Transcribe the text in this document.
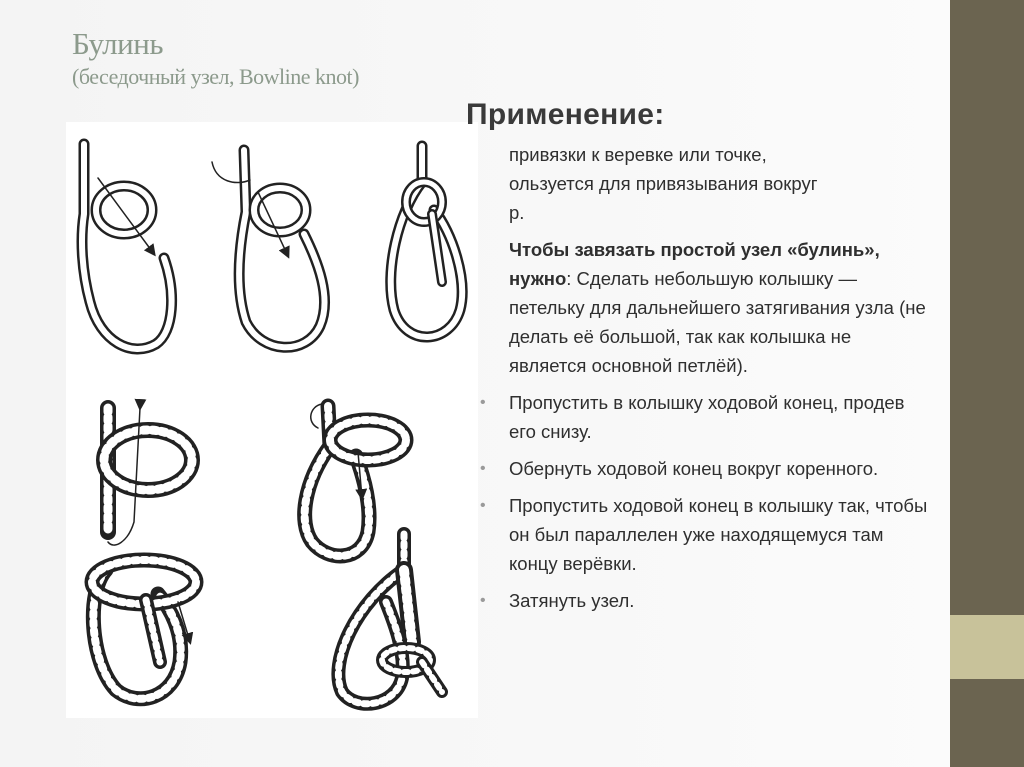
Булинь
(беседочный узел, Bowline knot)
Применение:

привязки к веревке или точке,
ользуется для привязывания вокруг
р.

Чтобы завязать простой узел «булинь», нужно: Сделать небольшую колышку — петельку для дальнейшего затягивания узла (не делать её большой, так как колышка не является основной петлёй).

• Пропустить в колышку ходовой конец, продев его снизу.
• Обернуть ходовой конец вокруг коренного.
• Пропустить ходовой конец в колышку так, чтобы он был параллелен уже находящемуся там концу верёвки.
• Затянуть узел.
